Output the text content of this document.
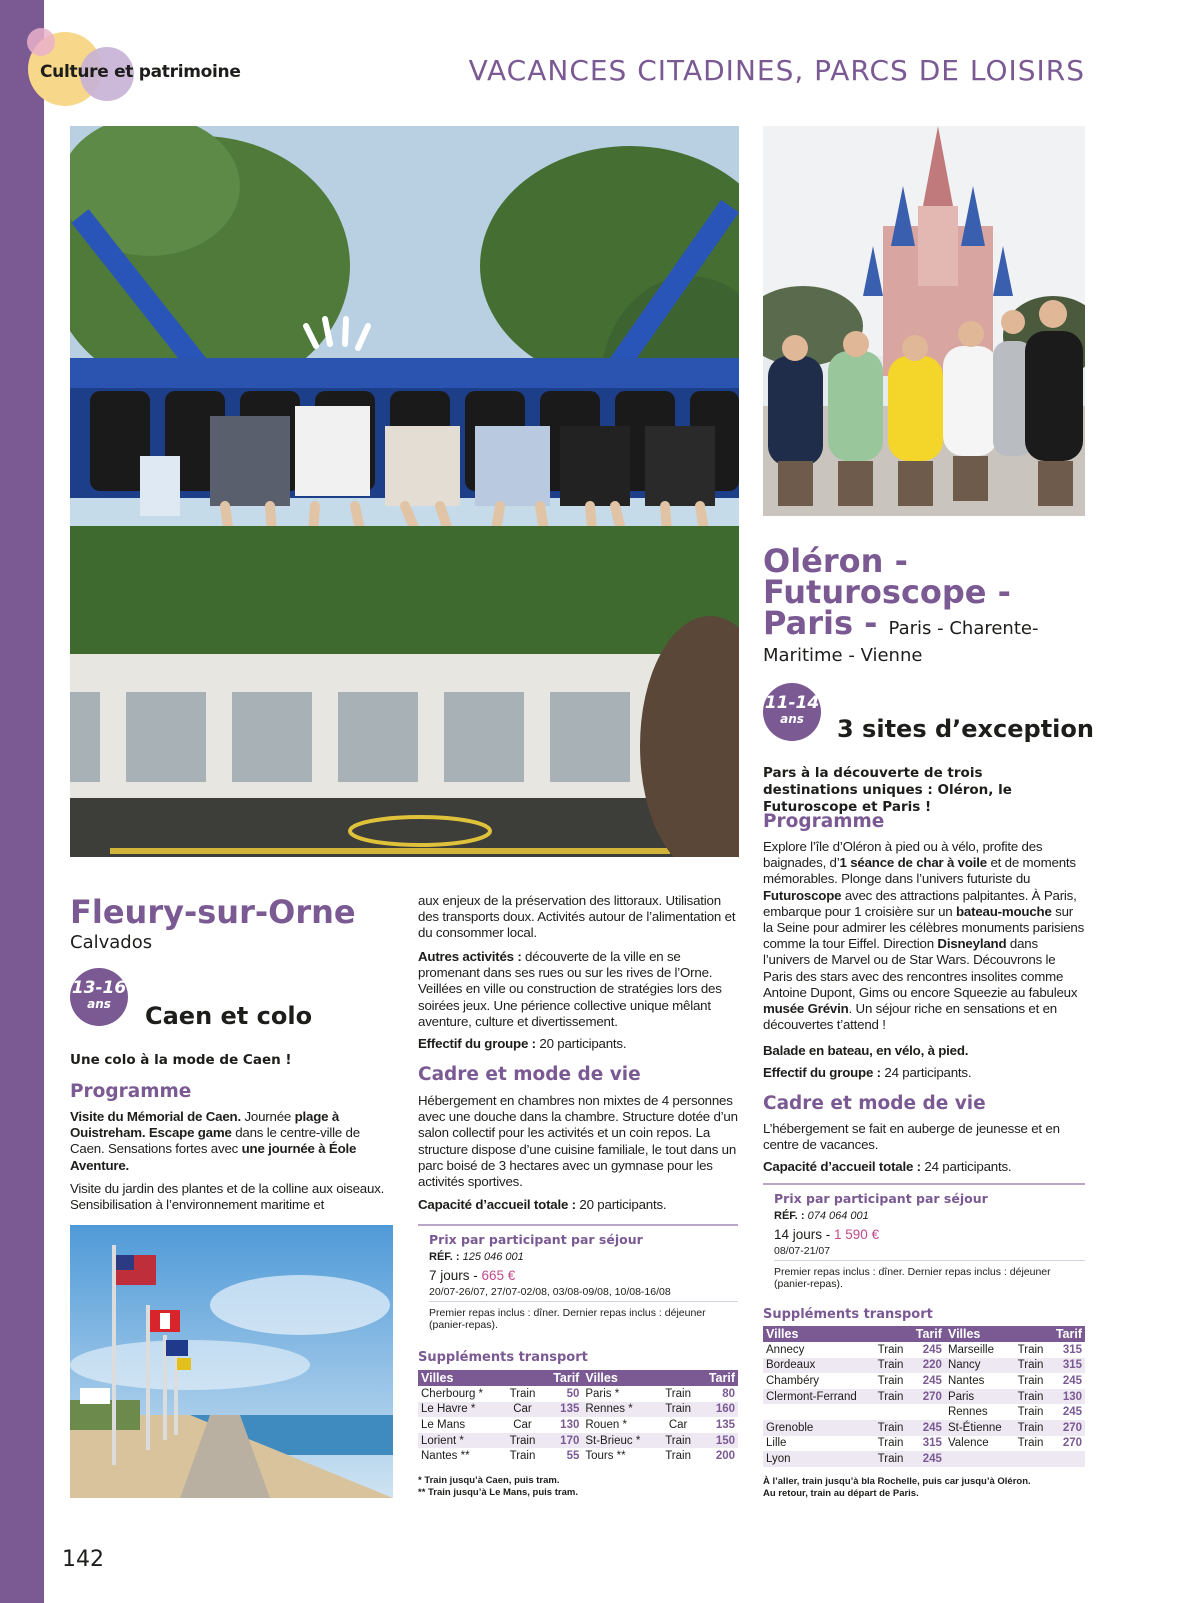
Culture et patrimoine	VACANCES CITADINES, PARCS DE LOISIRS
Fleury-sur-Orne
Calvados
13-16
ans	Caen et colo
Une colo à la mode de Caen !
Programme
Visite du Mémorial de Caen. Journée plage à Ouistreham. Escape game dans le centre-ville de Caen. Sensations fortes avec une journée à Éole Aventure.
Visite du jardin des plantes et de la colline aux oiseaux. Sensibilisation à l’environnement maritime et
aux enjeux de la préservation des littoraux. Utilisation des transports doux. Activités autour de l’alimentation et du consommer local.
Autres activités : découverte de la ville en se promenant dans ses rues ou sur les rives de l’Orne. Veillées en ville ou construction de stratégies lors des soirées jeux. Une périence collective unique mêlant aventure, culture et divertissement.
Effectif du groupe : 20 participants.
Cadre et mode de vie
Hébergement en chambres non mixtes de 4 personnes avec une douche dans la chambre. Structure dotée d’un salon collectif pour les activités et un coin repos. La structure dispose d’une cuisine familiale, le tout dans un parc boisé de 3 hectares avec un gymnase pour les activités sportives.
Capacité d’accueil totale : 20 participants.
Prix par participant par séjour
RÉF. : 125 046 001
7 jours - 665 €
20/07-26/07, 27/07-02/08, 03/08-09/08, 10/08-16/08
Premier repas inclus : dîner. Dernier repas inclus : déjeuner (panier-repas).
Suppléments transport
Villes		Tarif	Villes		Tarif
Cherbourg *	Train	50	Paris *	Train	80
Le Havre *	Car	135	Rennes *	Train	160
Le Mans	Car	130	Rouen *	Car	135
Lorient *	Train	170	St-Brieuc *	Train	150
Nantes **	Train	55	Tours **	Train	200
* Train jusqu’à Caen, puis tram.
** Train jusqu’à Le Mans, puis tram.
Oléron -
Futuroscope -
Paris - Paris - Charente-
Maritime - Vienne
11-14
ans	3 sites d’exception
Pars à la découverte de trois destinations uniques : Oléron, le Futuroscope et Paris !
Programme
Explore l’île d’Oléron à pied ou à vélo, profite des baignades, d’1 séance de char à voile et de moments mémorables. Plonge dans l’univers futuriste du Futuroscope avec des attractions palpitantes. À Paris, embarque pour 1 croisière sur un bateau-mouche sur la Seine pour admirer les célèbres monuments parisiens comme la tour Eiffel. Direction Disneyland dans l’univers de Marvel ou de Star Wars. Découvrons le Paris des stars avec des rencontres insolites comme Antoine Dupont, Gims ou encore Squeezie au fabuleux musée Grévin. Un séjour riche en sensations et en découvertes t’attend !
Balade en bateau, en vélo, à pied.
Effectif du groupe : 24 participants.
Cadre et mode de vie
L’hébergement se fait en auberge de jeunesse et en centre de vacances.
Capacité d’accueil totale : 24 participants.
Prix par participant par séjour
RÉF. : 074 064 001
14 jours - 1 590 €
08/07-21/07
Premier repas inclus : dîner. Dernier repas inclus : déjeuner (panier-repas).
Suppléments transport
Villes		Tarif	Villes		Tarif
Annecy	Train	245	Marseille	Train	315
Bordeaux	Train	220	Nancy	Train	315
Chambéry	Train	245	Nantes	Train	245
Clermont-Ferrand	Train	270	Paris	Train	130
			Rennes	Train	245
Grenoble	Train	245	St-Étienne	Train	270
Lille	Train	315	Valence	Train	270
Lyon	Train	245			
À l’aller, train jusqu’à bla Rochelle, puis car jusqu’à Oléron.
Au retour, train au départ de Paris.
142
